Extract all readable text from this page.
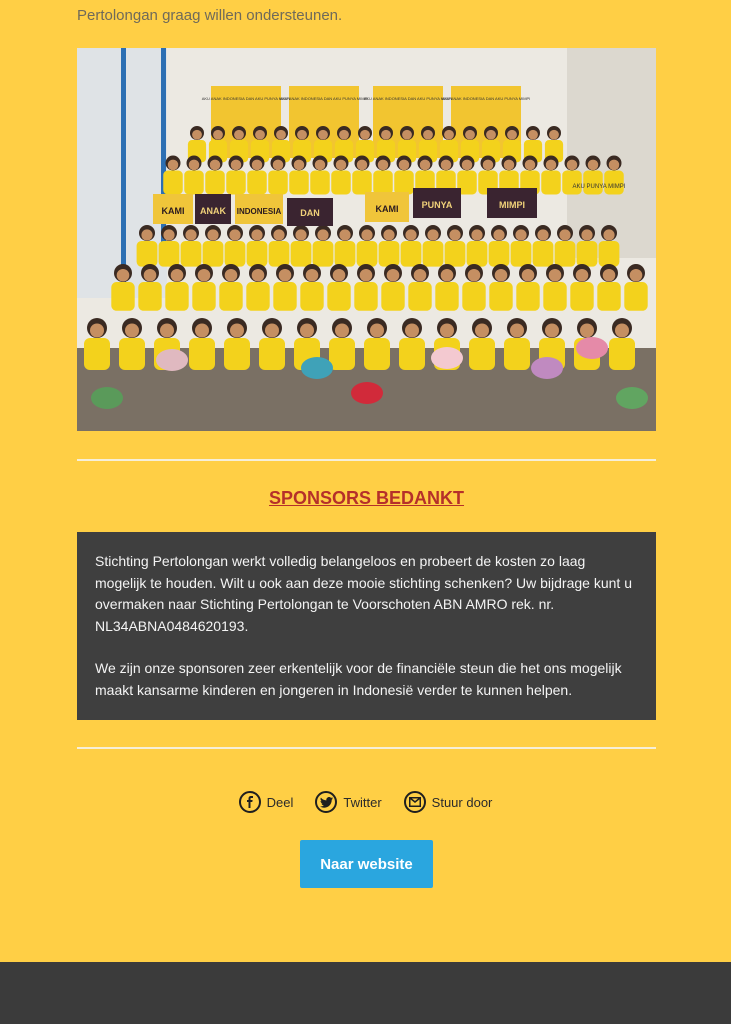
Pertolongan graag willen ondersteunen.
AKU ANAK INDONESIA DAN AKU PUNYA MIMPI
AKU ANAK INDONESIA DAN AKU PUNYA MIMPI
AKU ANAK INDONESIA DAN AKU PUNYA MIMPI
AKU ANAK INDONESIA DAN AKU PUNYA MIMPI
KAMI ANAK INDONESIA DAN	KAMI	PUNYA	MIMPI
AKU PUNYA MIMPI
SPONSORS BEDANKT

Stichting Pertolongan werkt volledig belangeloos en probeert de kosten zo laag mogelijk te houden. Wilt u ook aan deze mooie stichting schenken? Uw bijdrage kunt u overmaken naar Stichting Pertolongan te Voorschoten ABN AMRO rek. nr. NL34ABNA0484620193.

We zijn onze sponsoren zeer erkentelijk voor de financiële steun die het ons mogelijk maakt kansarme kinderen en jongeren in Indonesië verder te kunnen helpen.

Deel	Twitter	Stuur door
Naar website
